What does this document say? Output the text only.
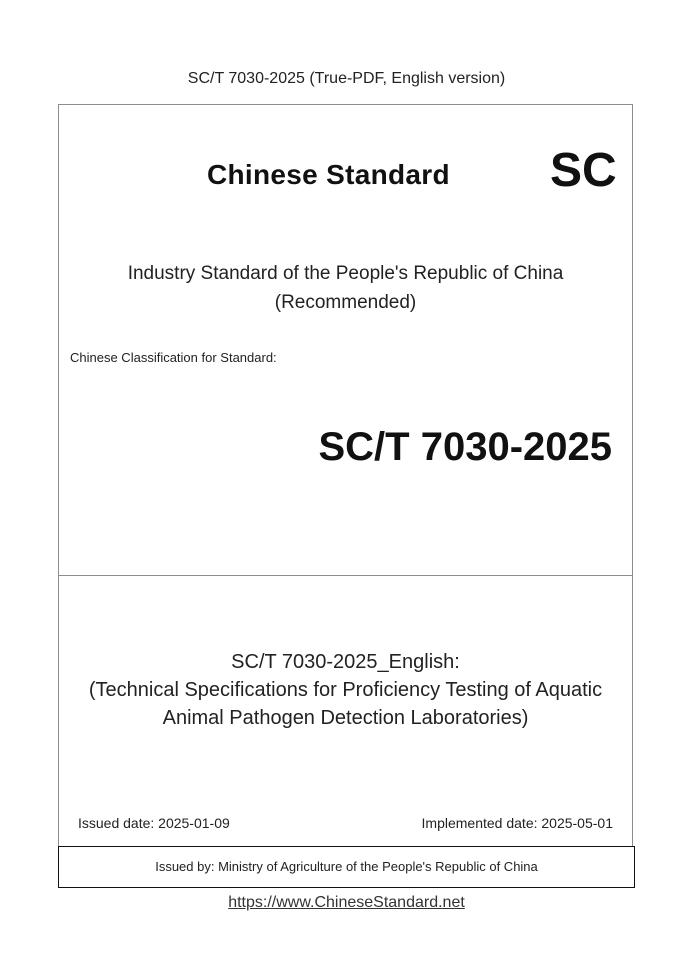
SC/T 7030-2025 (True-PDF, English version)
Chinese Standard SC
Industry Standard of the People's Republic of China
(Recommended)
Chinese Classification for Standard:
SC/T 7030-2025
SC/T 7030-2025_English:
(Technical Specifications for Proficiency Testing of Aquatic
Animal Pathogen Detection Laboratories)
Issued date: 2025-01-09	Implemented date: 2025-05-01
Issued by: Ministry of Agriculture of the People's Republic of China
https://www.ChineseStandard.net
